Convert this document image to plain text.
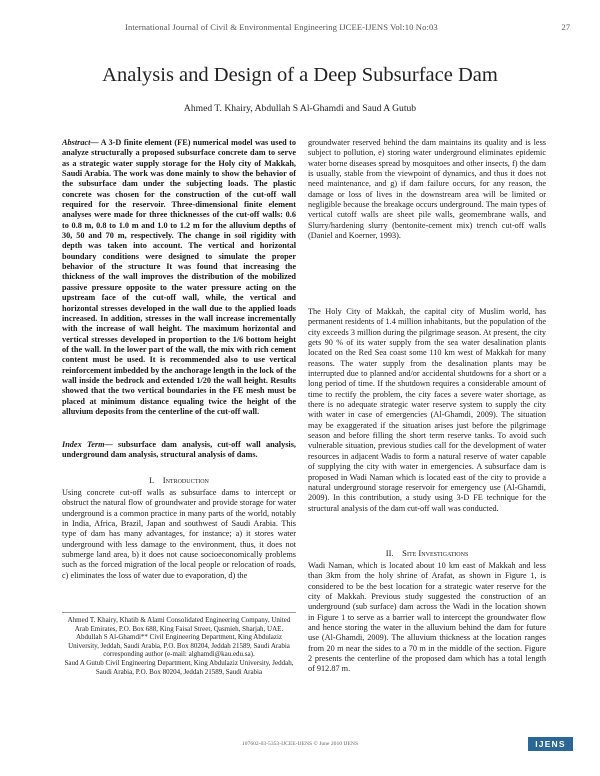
International Journal of Civil & Environmental Engineering IJCEE-IJENS Vol:10 No:03	27
Analysis and Design of a Deep Subsurface Dam
Ahmed T. Khairy, Abdullah S Al-Ghamdi and Saud A Gutub

Abstract— A 3-D finite element (FE) numerical model was used to analyze structurally a proposed subsurface concrete dam to serve as a strategic water supply storage for the Holy city of Makkah, Saudi Arabia. The work was done mainly to show the behavior of the subsurface dam under the subjecting loads. The plastic concrete was chosen for the construction of the cut-off wall required for the reservoir. Three-dimensional finite element analyses were made for three thicknesses of the cut-off walls: 0.6 to 0.8 m, 0.8 to 1.0 m and 1.0 to 1.2 m for the alluvium depths of 30, 50 and 70 m, respectively. The change in soil rigidity with depth was taken into account. The vertical and horizontal boundary conditions were designed to simulate the proper behavior of the structure It was found that increasing the thickness of the wall improves the distribution of the mobilized passive pressure opposite to the water pressure acting on the upstream face of the cut-off wall, while, the vertical and horizontal stresses developed in the wall due to the applied loads increased. In addition, stresses in the wall increase incrementally with the increase of wall height. The maximum horizontal and vertical stresses developed in proportion to the 1/6 bottom height of the wall. In the lower part of the wall, the mix with rich cement content must be used. It is recommended also to use vertical reinforcement imbedded by the anchorage length in the lock of the wall inside the bedrock and extended 1/20 the wall height. Results showed that the two vertical boundaries in the FE mesh must be placed at minimum distance equaling twice the height of the alluvium deposits from the centerline of the cut-off wall.

Index Term— subsurface dam analysis, cut-off wall analysis, underground dam analysis, structural analysis of dams.

I. Introduction

Using concrete cut-off walls as subsurface dams to intercept or obstruct the natural flow of groundwater and provide storage for water underground is a common practice in many parts of the world, notably in India, Africa, Brazil, Japan and southwest of Saudi Arabia. This type of dam has many advantages, for instance; a) it stores water underground with less damage to the environment, thus, it does not submerge land area, b) it does not cause socioeconomically problems such as the forced migration of the local people or relocation of roads, c) eliminates the loss of water due to evaporation, d) the

Ahmed T. Khairy, Khatib & Alami Consolidated Engineering Company, United Arab Emirates, P.O. Box 688, King Faisal Street, Qasmieh, Sharjah, UAE.
Abdullah S Al-Ghamdi** Civil Engineering Department, King Abdulaziz University, Jeddah, Saudi Arabia, P.O. Box 80204, Jeddah 21589, Saudi Arabia corresponding author (e-mail: alghamdi@kau.edu.sa).
Saud A Gutub Civil Engineering Department, King Abdulaziz University, Jeddah, Saudi Arabia, P.O. Box 80204, Jeddah 21589, Saudi Arabia

groundwater reserved behind the dam maintains its quality and is less subject to pollution, e) storing water underground eliminates epidemic water borne diseases spread by mosquitoes and other insects, f) the dam is usually, stable from the viewpoint of dynamics, and thus it does not need maintenance, and g) if dam failure occurs, for any reason, the damage or loss of lives in the downstream area will be limited or negligible because the breakage occurs underground. The main types of vertical cutoff walls are sheet pile walls, geomembrane walls, and Slurry/hardening slurry (bentonite-cement mix) trench cut-off walls (Daniel and Koerner, 1993).

The Holy City of Makkah, the capital city of Muslim world, has permanent residents of 1.4 million inhabitants, but the population of the city exceeds 3 million during the pilgrimage season. At present, the city gets 90 % of its water supply from the sea water desalination plants located on the Red Sea coast some 110 km west of Makkah for many reasons. The water supply from the desalination plants may be interrupted due to planned and/or accidental shutdowns for a short or a long period of time. If the shutdown requires a considerable amount of time to rectify the problem, the city faces a severe water shortage, as there is no adequate strategic water reserve system to supply the city with water in case of emergencies (Al-Ghamdi, 2009). The situation may be exaggerated if the situation arises just before the pilgrimage season and before filling the short term reserve tanks. To avoid such vulnerable situation, previous studies call for the development of water resources in adjacent Wadis to form a natural reserve of water capable of supplying the city with water in emergencies. A subsurface dam is proposed in Wadi Naman which is located east of the city to provide a natural underground storage reservoir for emergency use (Al-Ghamdi, 2009). In this contribution, a study using 3-D FE technique for the structural analysis of the dam cut-off wall was conducted.

II. Site Investigations

Wadi Naman, which is located about 10 km east of Makkah and less than 3km from the holy shrine of Arafat, as shown in Figure 1, is considered to be the best location for a strategic water reserve for the city of Makkah. Previous study suggested the construction of an underground (sub surface) dam across the Wadi in the location shown in Figure 1 to serve as a barrier wall to intercept the groundwater flow and hence storing the water in the alluvium behind the dam for future use (Al-Ghamdi, 2009). The alluvium thickness at the location ranges from 20 m near the sides to a 70 m in the middle of the section. Figure 2 presents the centerline of the proposed dam which has a total length of 912.87 m.

107602-03-5353-IJCEE-IJENS © June 2010 IJENS	IJENS
